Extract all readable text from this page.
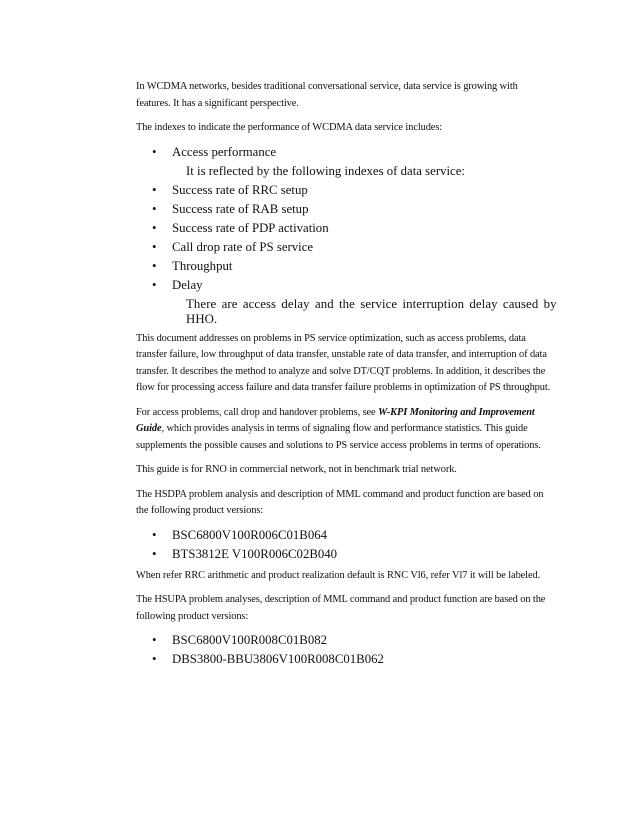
In WCDMA networks, besides traditional conversational service, data service is growing with
features. It has a significant perspective.

The indexes to indicate the performance of WCDMA data service includes:

• Access performance
It is reflected by the following indexes of data service:
• Success rate of RRC setup
• Success rate of RAB setup
• Success rate of PDP activation
• Call drop rate of PS service
• Throughput
• Delay
There are access delay and the service interruption delay caused by HHO.

This document addresses on problems in PS service optimization, such as access problems, data
transfer failure, low throughput of data transfer, unstable rate of data transfer, and interruption of data
transfer. It describes the method to analyze and solve DT/CQT problems. In addition, it describes the
flow for processing access failure and data transfer failure problems in optimization of PS throughput.

For access problems, call drop and handover problems, see W-KPI Monitoring and Improvement
Guide, which provides analysis in terms of signaling flow and performance statistics. This guide
supplements the possible causes and solutions to PS service access problems in terms of operations.

This guide is for RNO in commercial network, not in benchmark trial network.

The HSDPA problem analysis and description of MML command and product function are based on
the following product versions:

• BSC6800V100R006C01B064
• BTS3812E V100R006C02B040

When refer RRC arithmetic and product realization default is RNC Vl6, refer Vl7 it will be labeled.

The HSUPA problem analyses, description of MML command and product function are based on the
following product versions:

• BSC6800V100R008C01B082
• DBS3800-BBU3806V100R008C01B062
